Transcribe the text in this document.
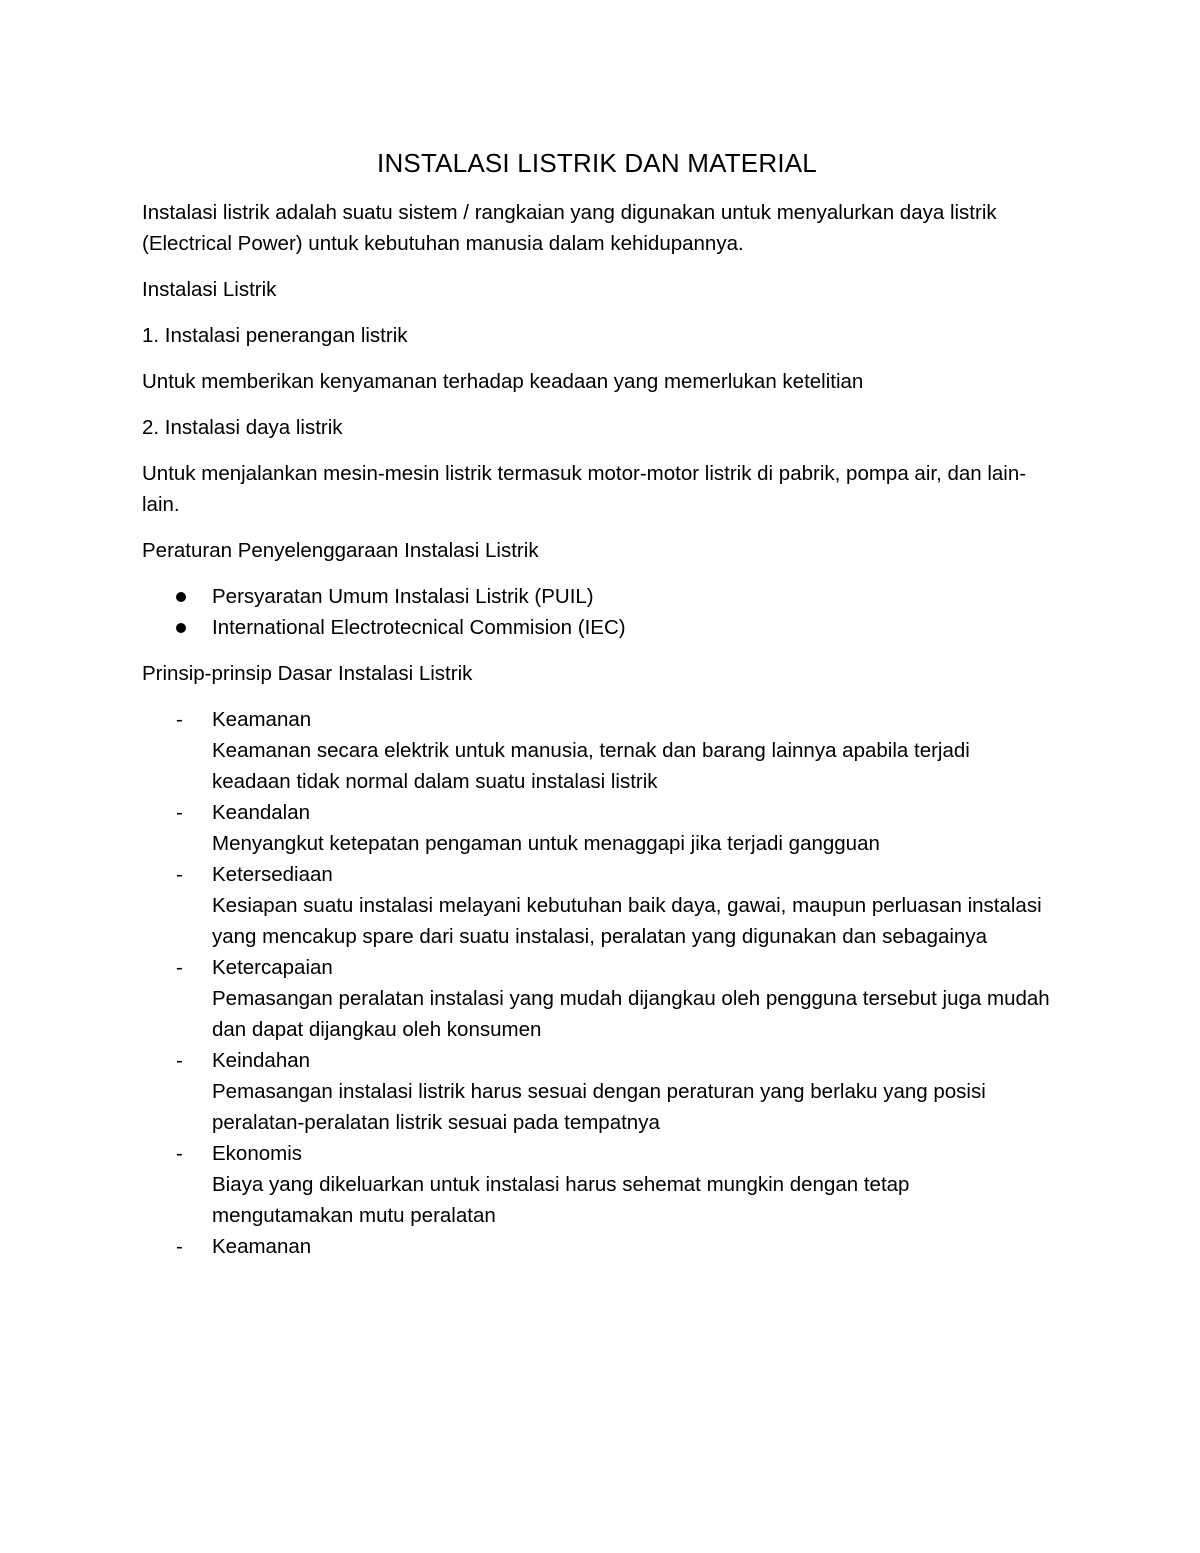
INSTALASI LISTRIK DAN MATERIAL

Instalasi listrik adalah suatu sistem / rangkaian yang digunakan untuk menyalurkan daya listrik (Electrical Power) untuk kebutuhan manusia dalam kehidupannya.

Instalasi Listrik

1. Instalasi penerangan listrik

Untuk memberikan kenyamanan terhadap keadaan yang memerlukan ketelitian

2. Instalasi daya listrik

Untuk menjalankan mesin-mesin listrik termasuk motor-motor listrik di pabrik, pompa air, dan lain-lain.

Peraturan Penyelenggaraan Instalasi Listrik

Persyaratan Umum Instalasi Listrik (PUIL)
International Electrotecnical Commision (IEC)

Prinsip-prinsip Dasar Instalasi Listrik

- Keamanan
Keamanan secara elektrik untuk manusia, ternak dan barang lainnya apabila terjadi keadaan tidak normal dalam suatu instalasi listrik
- Keandalan
Menyangkut ketepatan pengaman untuk menaggapi jika terjadi gangguan
- Ketersediaan
Kesiapan suatu instalasi melayani kebutuhan baik daya, gawai, maupun perluasan instalasi yang mencakup spare dari suatu instalasi, peralatan yang digunakan dan sebagainya
- Ketercapaian
Pemasangan peralatan instalasi yang mudah dijangkau oleh pengguna tersebut juga mudah dan dapat dijangkau oleh konsumen
- Keindahan
Pemasangan instalasi listrik harus sesuai dengan peraturan yang berlaku yang posisi peralatan-peralatan listrik sesuai pada tempatnya
- Ekonomis
Biaya yang dikeluarkan untuk instalasi harus sehemat mungkin dengan tetap mengutamakan mutu peralatan
- Keamanan
